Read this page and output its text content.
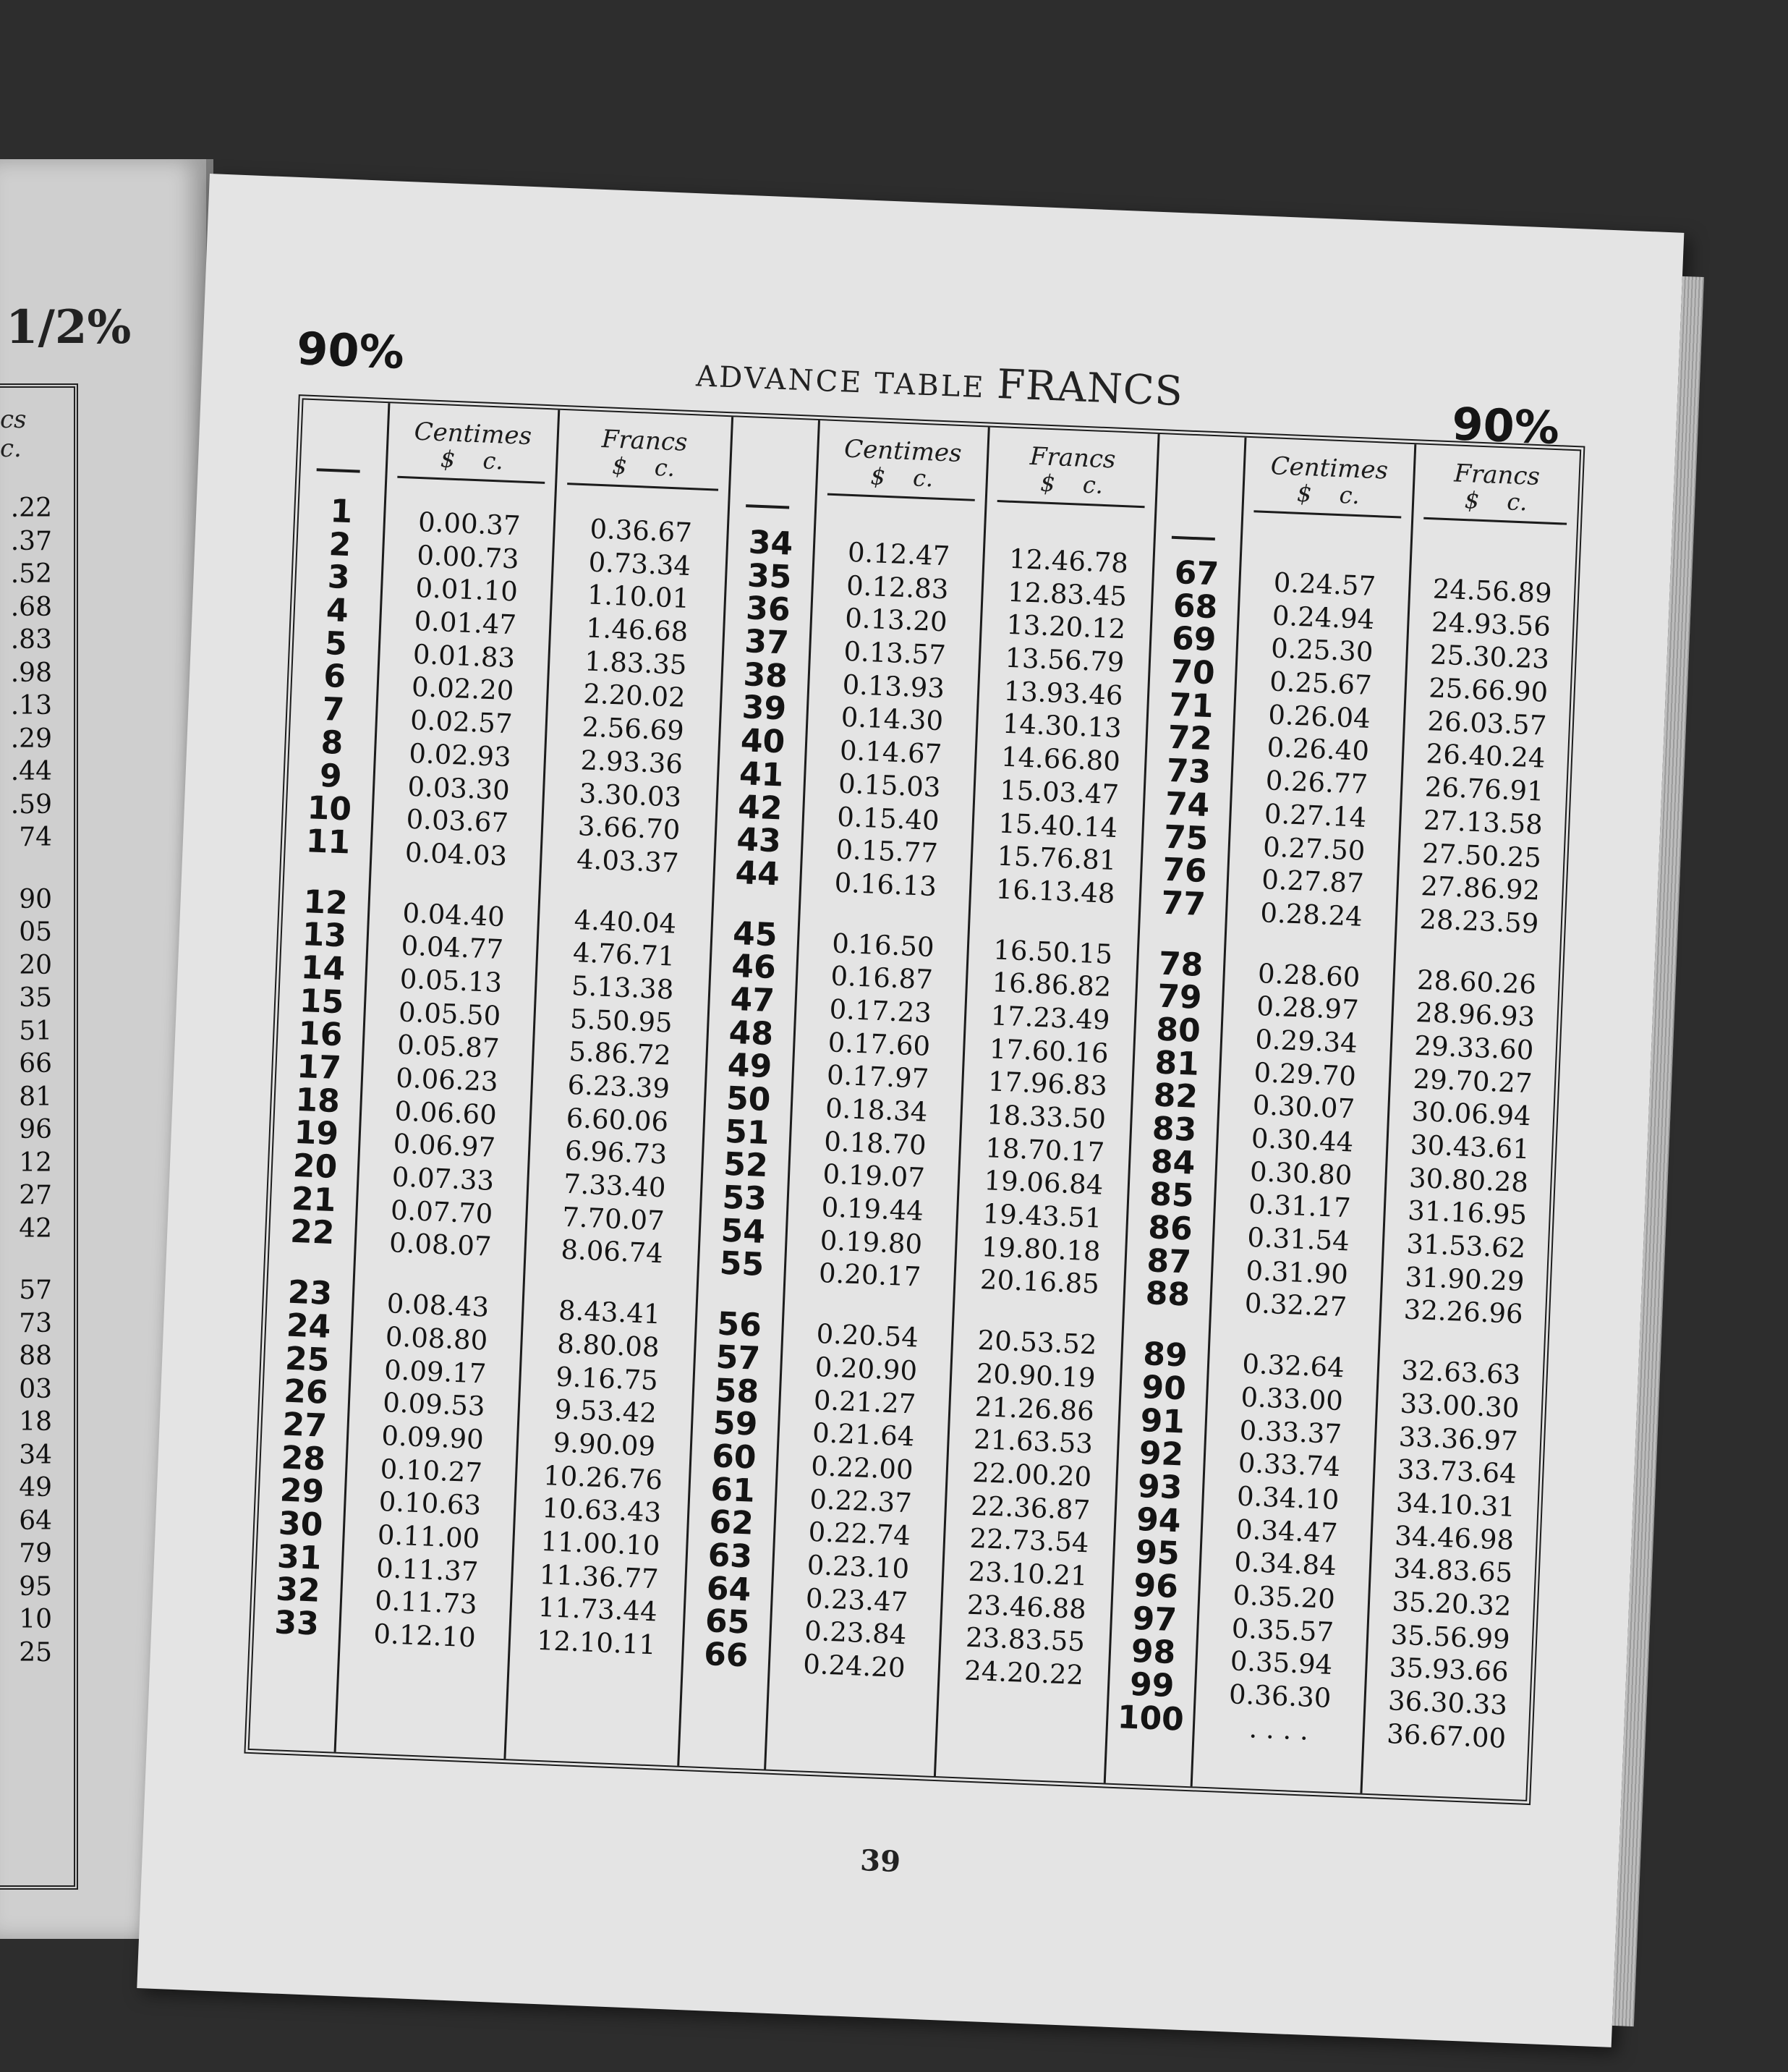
1/2%
cs
c.
.22
.37
.52
.68
.83
.98
.13
.29
.44
.59
74
90
05
20
35
51
66
81
96
12
27
42
57
73
88
03
18
34
49
64
79
95
10
25
90%
ADVANCE TABLE FRANCS
90%
1
2
3
4
5
6
7
8
9
10
11
12
13
14
15
16
17
18
19
20
21
22
23
24
25
26
27
28
29
30
31
32
33
Centimes
$ c.
0.00.37
0.00.73
0.01.10
0.01.47
0.01.83
0.02.20
0.02.57
0.02.93
0.03.30
0.03.67
0.04.03
0.04.40
0.04.77
0.05.13
0.05.50
0.05.87
0.06.23
0.06.60
0.06.97
0.07.33
0.07.70
0.08.07
0.08.43
0.08.80
0.09.17
0.09.53
0.09.90
0.10.27
0.10.63
0.11.00
0.11.37
0.11.73
0.12.10
Francs
$ c.
0.36.67
0.73.34
1.10.01
1.46.68
1.83.35
2.20.02
2.56.69
2.93.36
3.30.03
3.66.70
4.03.37
4.40.04
4.76.71
5.13.38
5.50.95
5.86.72
6.23.39
6.60.06
6.96.73
7.33.40
7.70.07
8.06.74
8.43.41
8.80.08
9.16.75
9.53.42
9.90.09
10.26.76
10.63.43
11.00.10
11.36.77
11.73.44
12.10.11
34
35
36
37
38
39
40
41
42
43
44
45
46
47
48
49
50
51
52
53
54
55
56
57
58
59
60
61
62
63
64
65
66
Centimes
$ c.
0.12.47
0.12.83
0.13.20
0.13.57
0.13.93
0.14.30
0.14.67
0.15.03
0.15.40
0.15.77
0.16.13
0.16.50
0.16.87
0.17.23
0.17.60
0.17.97
0.18.34
0.18.70
0.19.07
0.19.44
0.19.80
0.20.17
0.20.54
0.20.90
0.21.27
0.21.64
0.22.00
0.22.37
0.22.74
0.23.10
0.23.47
0.23.84
0.24.20
Francs
$ c.
12.46.78
12.83.45
13.20.12
13.56.79
13.93.46
14.30.13
14.66.80
15.03.47
15.40.14
15.76.81
16.13.48
16.50.15
16.86.82
17.23.49
17.60.16
17.96.83
18.33.50
18.70.17
19.06.84
19.43.51
19.80.18
20.16.85
20.53.52
20.90.19
21.26.86
21.63.53
22.00.20
22.36.87
22.73.54
23.10.21
23.46.88
23.83.55
24.20.22
67
68
69
70
71
72
73
74
75
76
77
78
79
80
81
82
83
84
85
86
87
88
89
90
91
92
93
94
95
96
97
98
99
100
Centimes
$ c.
0.24.57
0.24.94
0.25.30
0.25.67
0.26.04
0.26.40
0.26.77
0.27.14
0.27.50
0.27.87
0.28.24
0.28.60
0.28.97
0.29.34
0.29.70
0.30.07
0.30.44
0.30.80
0.31.17
0.31.54
0.31.90
0.32.27
0.32.64
0.33.00
0.33.37
0.33.74
0.34.10
0.34.47
0.34.84
0.35.20
0.35.57
0.35.94
0.36.30
. . . .
Francs
$ c.
24.56.89
24.93.56
25.30.23
25.66.90
26.03.57
26.40.24
26.76.91
27.13.58
27.50.25
27.86.92
28.23.59
28.60.26
28.96.93
29.33.60
29.70.27
30.06.94
30.43.61
30.80.28
31.16.95
31.53.62
31.90.29
32.26.96
32.63.63
33.00.30
33.36.97
33.73.64
34.10.31
34.46.98
34.83.65
35.20.32
35.56.99
35.93.66
36.30.33
36.67.00
39
